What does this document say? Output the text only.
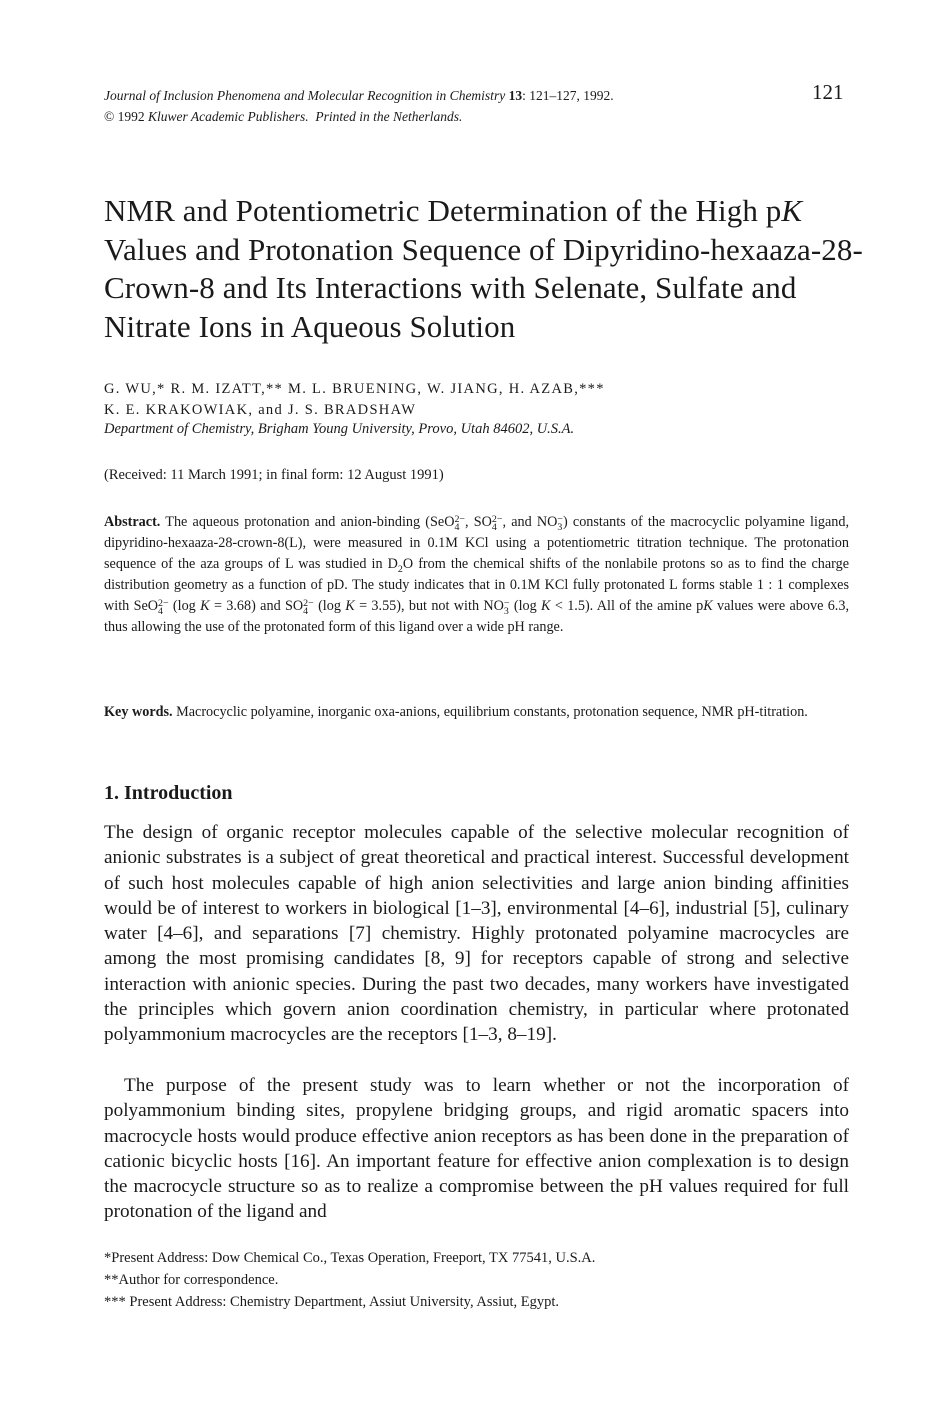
Journal of Inclusion Phenomena and Molecular Recognition in Chemistry 13: 121–127, 1992.
© 1992 Kluwer Academic Publishers. Printed in the Netherlands.
121
NMR and Potentiometric Determination of the High pK Values and Protonation Sequence of Dipyridino-hexaaza-28-Crown-8 and Its Interactions with Selenate, Sulfate and Nitrate Ions in Aqueous Solution
G. WU,* R. M. IZATT,** M. L. BRUENING, W. JIANG, H. AZAB,***
K. E. KRAKOWIAK, and J. S. BRADSHAW
Department of Chemistry, Brigham Young University, Provo, Utah 84602, U.S.A.
(Received: 11 March 1991; in final form: 12 August 1991)
Abstract. The aqueous protonation and anion-binding (SeO 2−
4 , SO 2−
4 , and NO −
3 ) constants of the macrocyclic polyamine ligand, dipyridino-hexaaza-28-crown-8(L), were measured in 0.1M KCl using a potentiometric titration technique. The protonation sequence of the aza groups of L was studied in $D_2O$ from the chemical shifts of the nonlabile protons so as to find the charge distribution geometry as a function of pD. The study indicates that in 0.1M KCl fully protonated L forms stable 1 : 1 complexes with SeO 2−
4 (log K = 3.68) and SO 2−
4 (log K = 3.55), but not with NO −
3 (log K < 1.5). All of the amine pK values were above 6.3, thus allowing the use of the protonated form of this ligand over a wide pH range.
Key words. Macrocyclic polyamine, inorganic oxa-anions, equilibrium constants, protonation sequence, NMR pH-titration.
1. Introduction
The design of organic receptor molecules capable of the selective molecular recognition of anionic substrates is a subject of great theoretical and practical interest. Successful development of such host molecules capable of high anion selectivities and large anion binding affinities would be of interest to workers in biological [1–3], environmental [4–6], industrial [5], culinary water [4–6], and separations [7] chemistry. Highly protonated polyamine macrocycles are among the most promising candidates [8, 9] for receptors capable of strong and selective interaction with anionic species. During the past two decades, many workers have investigated the principles which govern anion coordination chemistry, in particular where protonated polyammonium macrocycles are the receptors [1–3, 8–19].
The purpose of the present study was to learn whether or not the incorporation of polyammonium binding sites, propylene bridging groups, and rigid aromatic spacers into macrocycle hosts would produce effective anion receptors as has been done in the preparation of cationic bicyclic hosts [16]. An important feature for effective anion complexation is to design the macrocycle structure so as to realize a compromise between the pH values required for full protonation of the ligand and
*Present Address: Dow Chemical Co., Texas Operation, Freeport, TX 77541, U.S.A.
**Author for correspondence.
*** Present Address: Chemistry Department, Assiut University, Assiut, Egypt.
